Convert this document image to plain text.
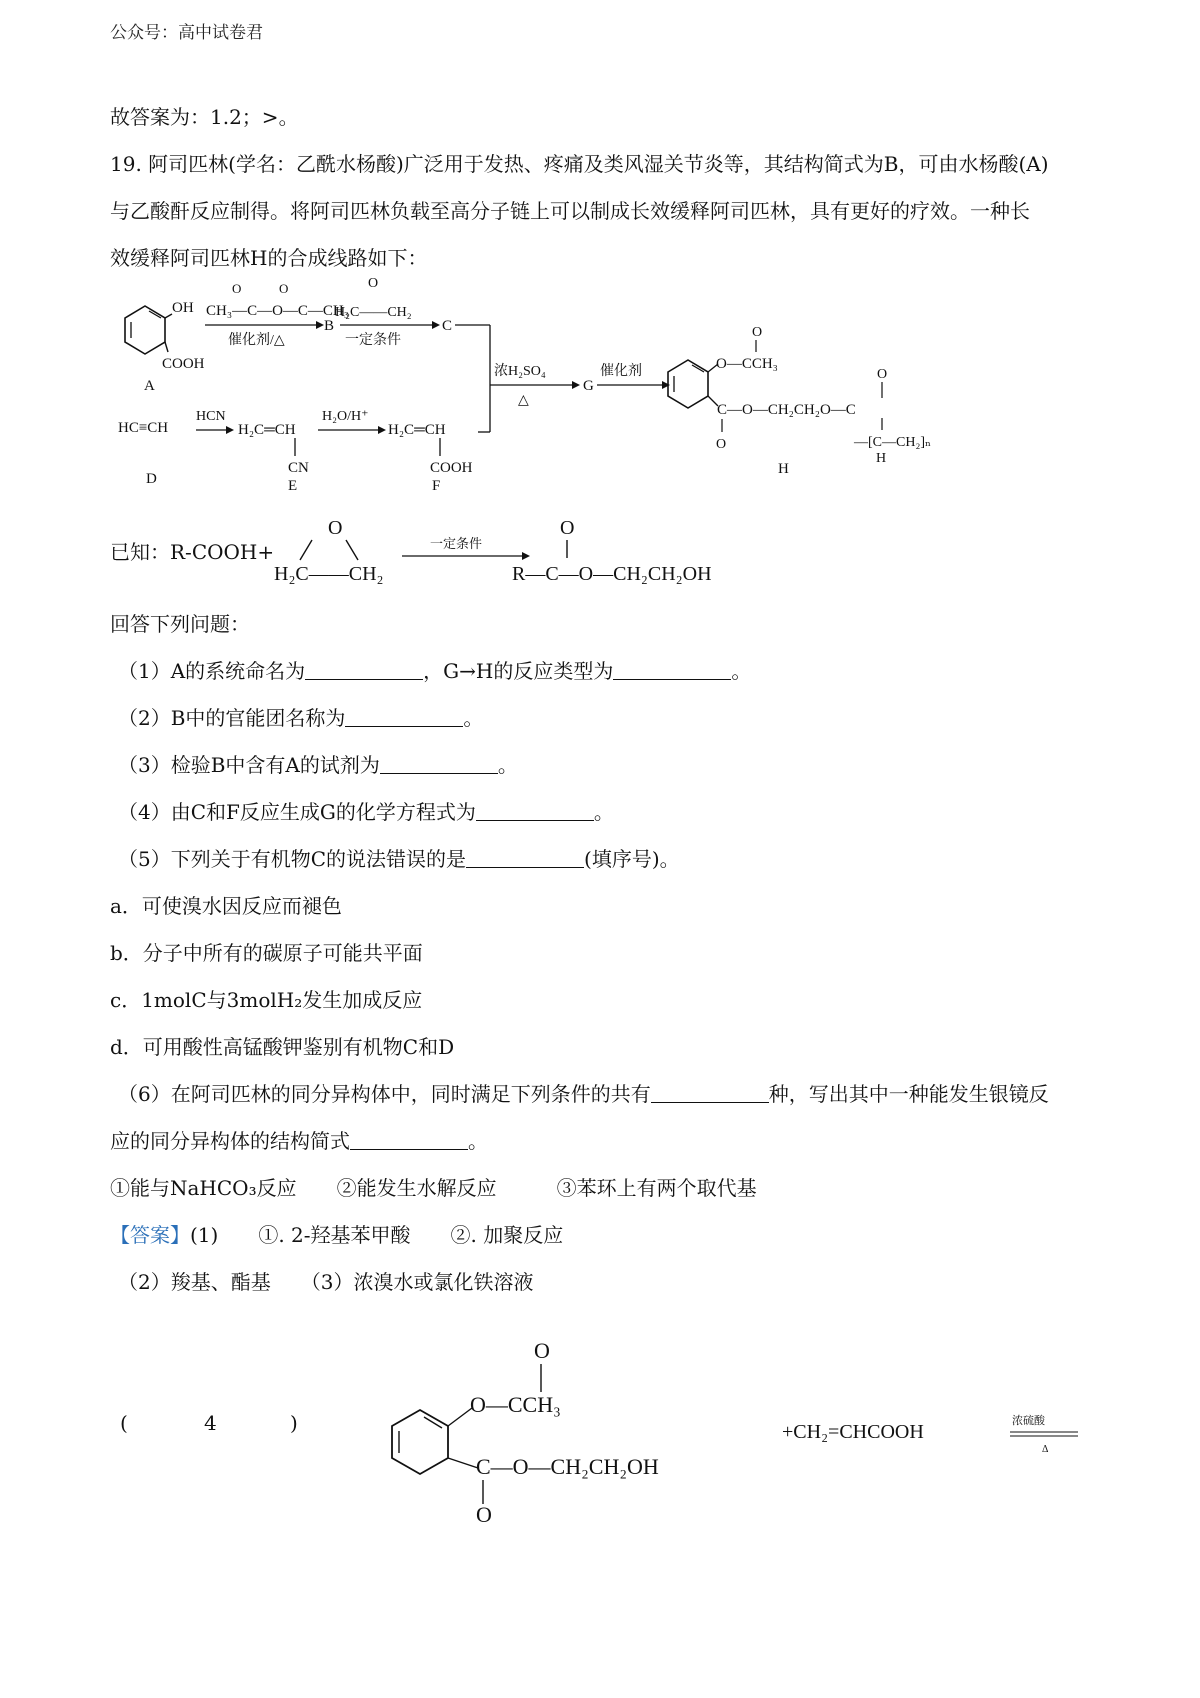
公众号：高中试卷君
故答案为：1.2；>。
19. 阿司匹林(学名：乙酰水杨酸)广泛用于发热、疼痛及类风湿关节炎等，其结构简式为B，可由水杨酸(A)
与乙酸酐反应制得。将阿司匹林负载至高分子链上可以制成长效缓释阿司匹林，具有更好的疗效。一种长
效缓释阿司匹林H的合成线路如下：
OH
COOH
A
CH₃—C—O—C—CH₃
O	O
催化剂/△
B
O
H₂C——CH₂
一定条件
C
HC≡CH
D
HCN
H₂C═CH
CN
E
H₂O/H⁺
H₂C═CH
COOH
F
浓H₂SO₄
△
G
催化剂
O
O—CCH₃
C—O—CH₂CH₂O—C
O
O
—[C—CH₂]ₙ
H
H
O
H₂C——CH₂
一定条件
O
R—C—O—CH₂CH₂OH
O
O—CCH₃
C—O—CH₂CH₂OH
O
+CH₂=CHCOOH	浓硫酸
Δ
已知：R-COOH+
回答下列问题：
（1）A的系统命名为	，G→H的反应类型为	。
（2）B中的官能团名称为	。
（3）检验B中含有A的试剂为	。
（4）由C和F反应生成G的化学方程式为	。
（5）下列关于有机物C的说法错误的是	(填序号)。
a．可使溴水因反应而褪色
b．分子中所有的碳原子可能共平面
c．1molC与3molH₂发生加成反应
d．可用酸性高锰酸钾鉴别有机物C和D
（6）在阿司匹林的同分异构体中，同时满足下列条件的共有	种，写出其中一种能发生银镜反
应的同分异构体的结构简式	。
①能与NaHCO₃反应　　②能发生水解反应　　　③苯环上有两个取代基
【答案】(1)　　①. 2-羟基苯甲酸　　②. 加聚反应
（2）羧基、酯基　　（3）浓溴水或氯化铁溶液
(	4	)
